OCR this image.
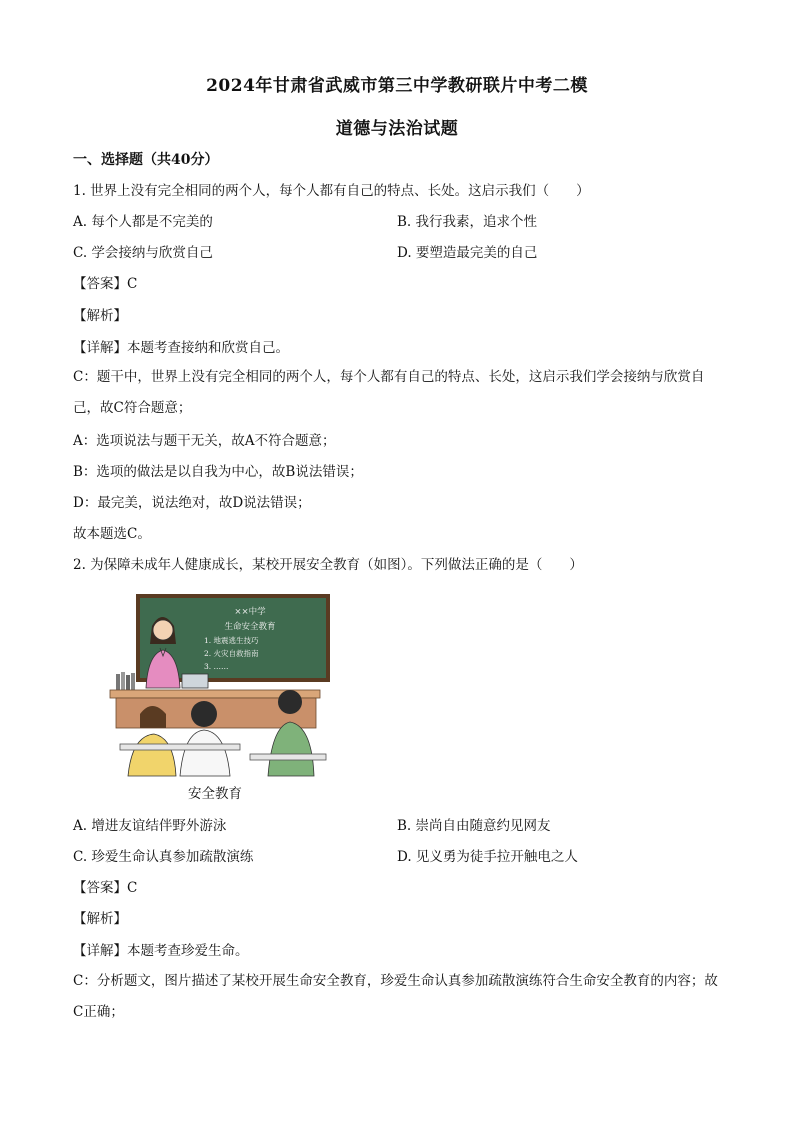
2024年甘肃省武威市第三中学教研联片中考二模
道德与法治试题
一、选择题（共40分）
1. 世界上没有完全相同的两个人，每个人都有自己的特点、长处。这启示我们（　　）
A. 每个人都是不完美的	B. 我行我素，追求个性
C. 学会接纳与欣赏自己	D. 要塑造最完美的自己
【答案】C
【解析】
【详解】本题考查接纳和欣赏自己。
C：题干中，世界上没有完全相同的两个人，每个人都有自己的特点、长处，这启示我们学会接纳与欣赏自己，故C符合题意；
A：选项说法与题干无关，故A不符合题意；
B：选项的做法是以自我为中心，故B说法错误；
D：最完美，说法绝对，故D说法错误；
故本题选C。
2. 为保障未成年人健康成长，某校开展安全教育（如图）。下列做法正确的是（　　）
××中学
生命安全教育
1. 地震逃生技巧
2. 火灾自救指南
3. ……
安全教育
A. 增进友谊结伴野外游泳	B. 崇尚自由随意约见网友
C. 珍爱生命认真参加疏散演练	D. 见义勇为徒手拉开触电之人
【答案】C
【解析】
【详解】本题考查珍爱生命。
C：分析题文，图片描述了某校开展生命安全教育，珍爱生命认真参加疏散演练符合生命安全教育的内容；故C正确；
